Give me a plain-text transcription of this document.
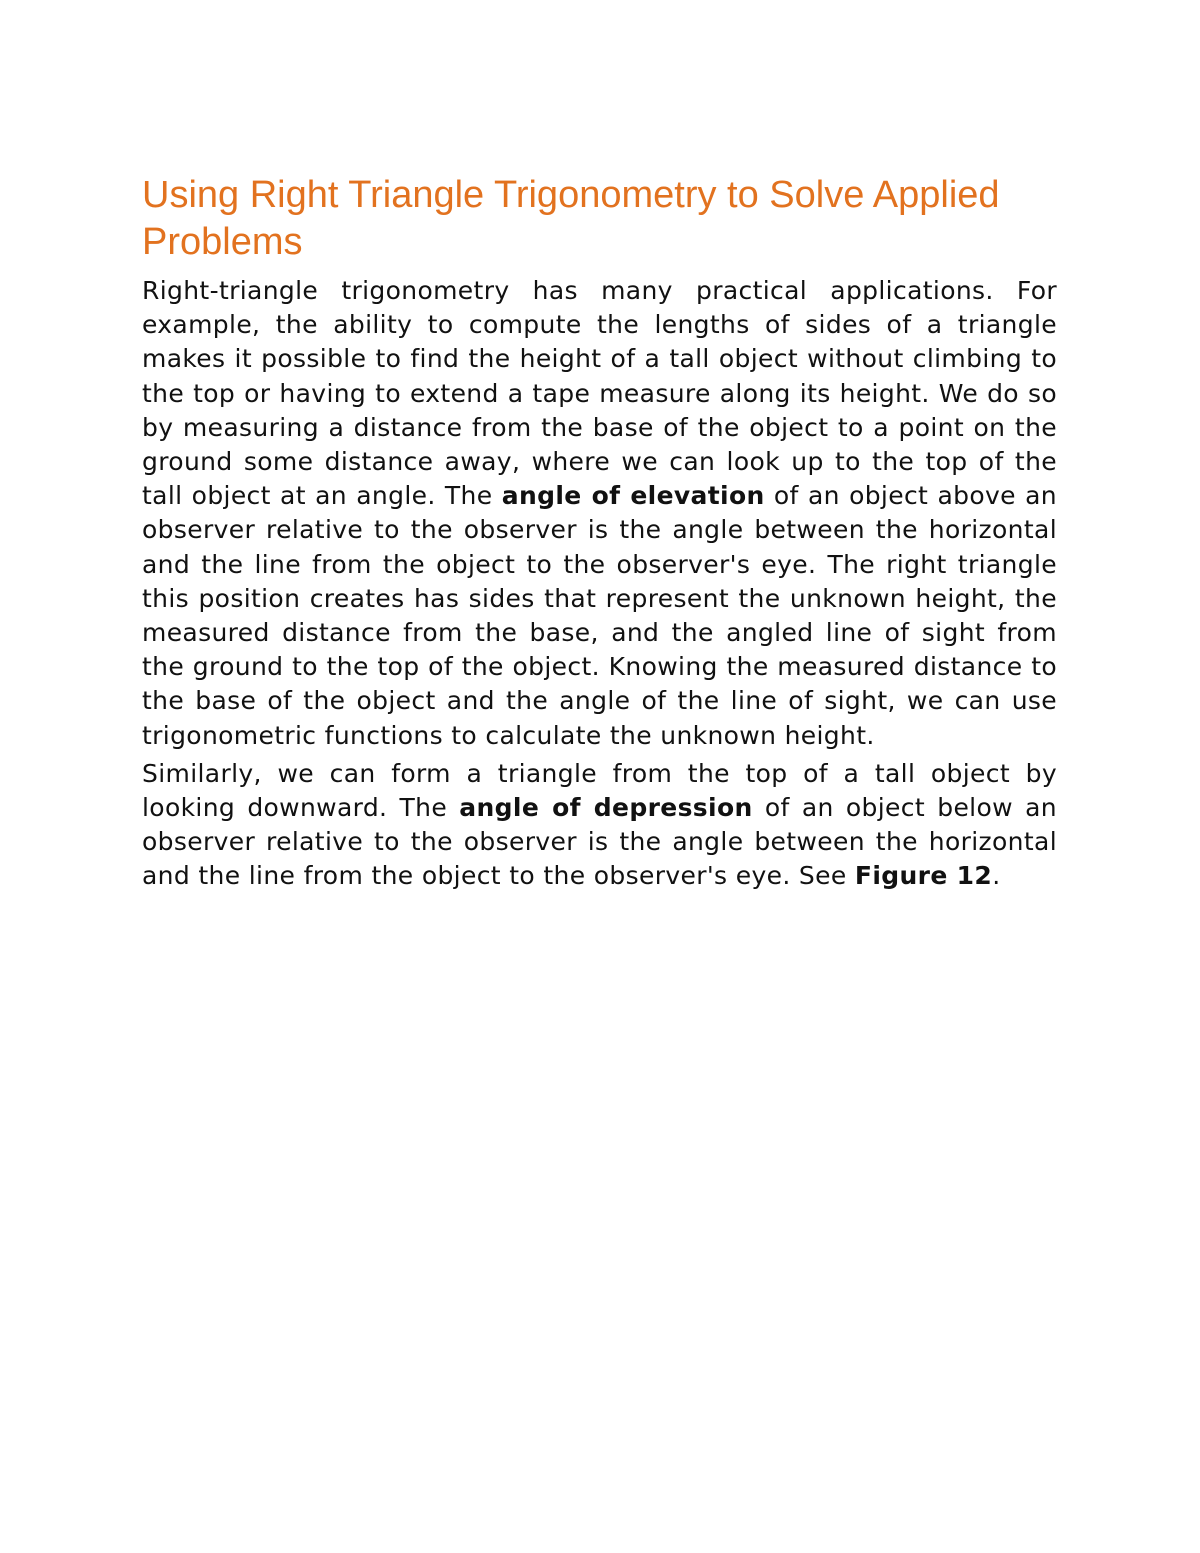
Using Right Triangle Trigonometry to Solve Applied Problems

Right-triangle trigonometry has many practical applications. For example, the ability to compute the lengths of sides of a triangle makes it possible to find the height of a tall object without climbing to the top or having to extend a tape measure along its height. We do so by measuring a distance from the base of the object to a point on the ground some distance away, where we can look up to the top of the tall object at an angle. The angle of elevation of an object above an observer relative to the observer is the angle between the horizontal and the line from the object to the observer's eye. The right triangle this position creates has sides that represent the unknown height, the measured distance from the base, and the angled line of sight from the ground to the top of the object. Knowing the measured distance to the base of the object and the angle of the line of sight, we can use trigonometric functions to calculate the unknown height.

Similarly, we can form a triangle from the top of a tall object by looking downward. The angle of depression of an object below an observer relative to the observer is the angle between the horizontal and the line from the object to the observer's eye. See Figure 12.
